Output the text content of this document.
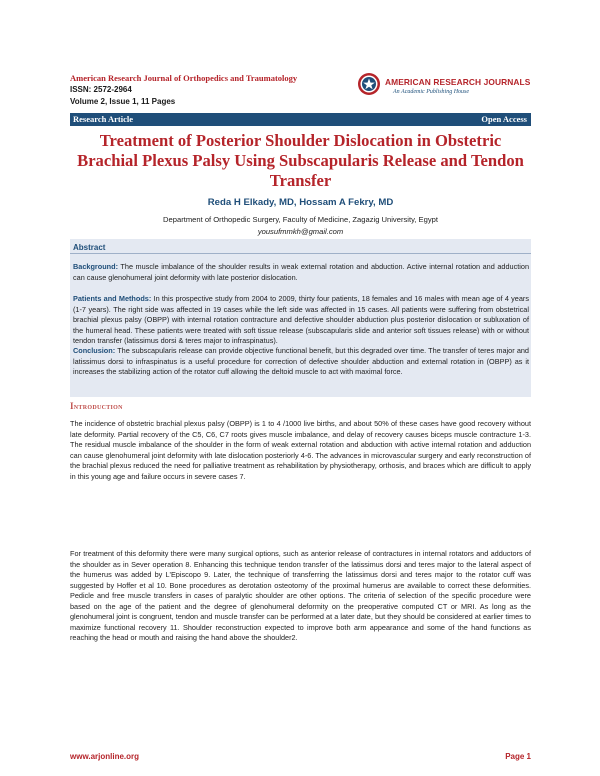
American Research Journal of Orthopedics and Traumatology
ISSN: 2572-2964
Volume 2, Issue 1, 11 Pages
AMERICAN RESEARCH JOURNALS
An Academic Publishing House
Research Article	Open Access
Treatment of Posterior Shoulder Dislocation in Obstetric Brachial Plexus Palsy Using Subscapularis Release and Tendon Transfer
Reda H Elkady, MD, Hossam A Fekry, MD
Department of Orthopedic Surgery, Faculty of Medicine, Zagazig University, Egypt
yousufmmkh@gmail.com
Abstract
Background: The muscle imbalance of the shoulder results in weak external rotation and abduction. Active internal rotation and adduction can cause glenohumeral joint deformity with late posterior dislocation.
Patients and Methods: In this prospective study from 2004 to 2009, thirty four patients, 18 females and 16 males with mean age of 4 years (1-7 years). The right side was affected in 19 cases while the left side was affected in 15 cases. All patients were suffering from obstetrical brachial plexus palsy (OBPP) with internal rotation contracture and defective shoulder abduction plus posterior dislocation or subluxation of the humeral head. These patients were treated with soft tissue release (subscapularis slide and anterior soft tissues release) with or without tendon transfer (latissimus dorsi & teres major to infraspinatus).
Conclusion: The subscapularis release can provide objective functional benefit, but this degraded over time. The transfer of teres major and latissimus dorsi to infraspinatus is a useful procedure for correction of defective shoulder abduction and external rotation in (OBPP) as it increases the stabilizing action of the rotator cuff allowing the deltoid muscle to act with maximal force.
Introduction
The incidence of obstetric brachial plexus palsy (OBPP) is 1 to 4 /1000 live births, and about 50% of these cases have good recovery without late deformity. Partial recovery of the C5, C6, C7 roots gives muscle imbalance, and delay of recovery causes biceps muscle contracture 1-3. The residual muscle imbalance of the shoulder in the form of weak external rotation and abduction with active internal rotation and adduction can cause glenohumeral joint deformity with late dislocation posteriorly 4-6. The advances in microvascular surgery and early reconstruction of the brachial plexus reduced the need for palliative treatment as rehabilitation by physiotherapy, orthosis, and braces which are difficult to apply in this young age and failure occurs in severe cases 7.
For treatment of this deformity there were many surgical options, such as anterior release of contractures in internal rotators and adductors of the shoulder as in Sever operation 8. Enhancing this technique tendon transfer of the latissimus dorsi and teres major to the lateral aspect of the humerus was added by L'Episcopo 9. Later, the technique of transferring the latissimus dorsi and teres major to the rotator cuff was suggested by Hoffer et al 10. Bone procedures as derotation osteotomy of the proximal humerus are available to correct these deformities. Pedicle and free muscle transfers in cases of paralytic shoulder are other options. The criteria of selection of the specific procedure were based on the age of the patient and the degree of glenohumeral deformity on the preoperative computed CT or MRI. As long as the glenohumeral joint is congruent, tendon and muscle transfer can be performed at a later date, but they should be considered at earlier times to maximize functional recovery 11. Shoulder reconstruction expected to improve both arm appearance and some of the hand functions as reaching the head or mouth and raising the hand above the shoulder2.
www.arjonline.org	Page 1
